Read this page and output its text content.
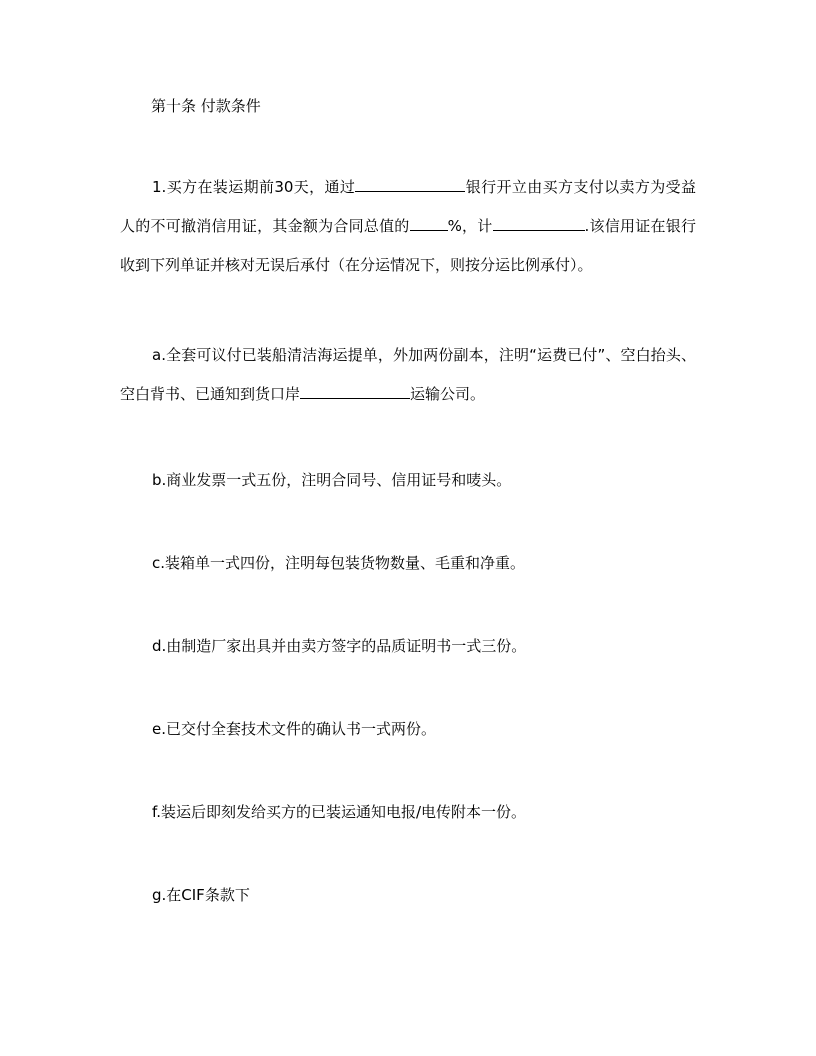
第十条 付款条件
1.买方在装运期前30天，通过	银行开立由买方支付以卖方为受益人的不可撤消信用证，其金额为合同总值的	%，计	.该信用证在银行收到下列单证并核对无误后承付（在分运情况下，则按分运比例承付）。
a.全套可议付已装船清洁海运提单，外加两份副本，注明“运费已付”、空白抬头、空白背书、已通知到货口岸	运输公司。
b.商业发票一式五份，注明合同号、信用证号和唛头。
c.装箱单一式四份，注明每包装货物数量、毛重和净重。
d.由制造厂家出具并由卖方签字的品质证明书一式三份。
e.已交付全套技术文件的确认书一式两份。
f.装运后即刻发给买方的已装运通知电报/电传附本一份。
g.在CIF条款下
